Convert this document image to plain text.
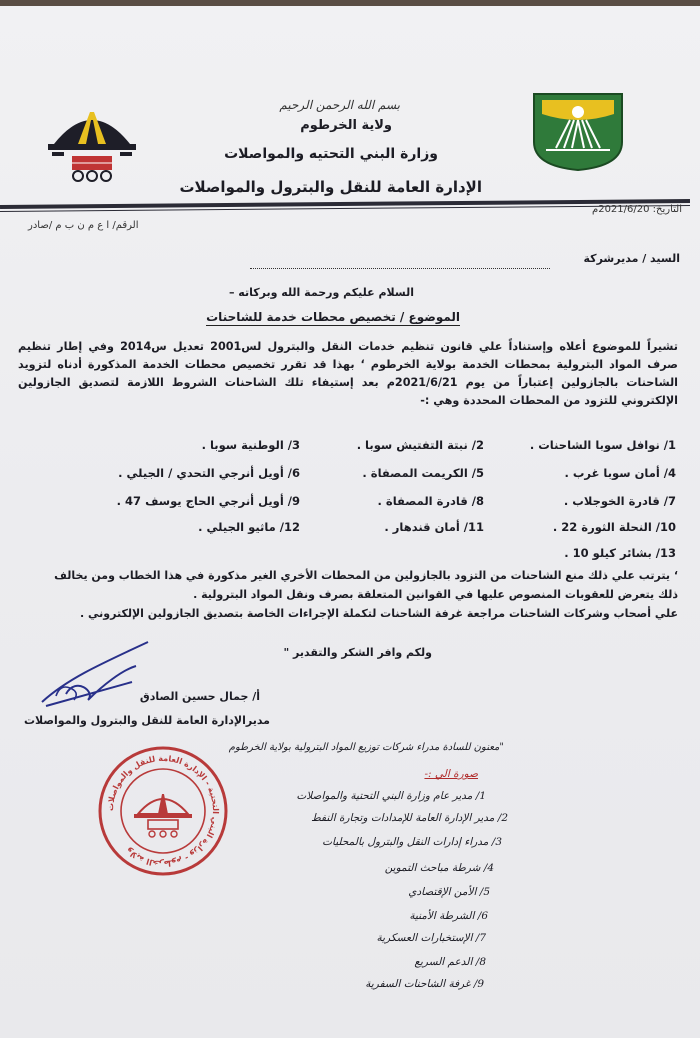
بسم الله الرحمن الرحيم
ولاية الخرطوم
وزارة البني التحتيه والمواصلات
الإدارة العامة للنقل والبترول والمواصلات
التاريخ: 2021/6/20م
الرقم/ ا ع م ن ب م /صادر
السيد / مديرشركة
السلام عليكم ورحمة الله وبركاته –
الموضوع / تخصيص محطات خدمة للشاحنات
تشيراً للموضوع أعلاه وإستناداً علي قانون تنظيم خدمات النقل والبترول لس2001 تعديل س2014 وفي إطار تنظيم صرف المواد البترولية بمحطات الخدمة بولاية الخرطوم ‘ بهذا قد تقرر تخصيص محطات الخدمة المذكورة أدناه لتزويد الشاحنات بالجازولين إعتباراً من يوم 2021/6/21م بعد إستيفاء تلك الشاحنات الشروط اللازمة لتصديق الجازولين الإلكتروني للتزود من المحطات المحددة وهي :-
1/ نوافل سوبا الشاحنات .
2/ نبتة التفتيش سوبا .
3/ الوطنية سوبا .
4/ أمان سوبا غرب .
5/ الكريمت المصفاة .
6/ أويل أنرجي التحدي / الجيلي .
7/ قادرة الخوجلاب .
8/ قادرة المصفاة .
9/ أويل أنرجي الحاج يوسف 47 .
10/ النحلة الثورة 22 .
11/ أمان قندهار .
12/ ماثيو الجيلي .
13/ بشائر كيلو 10 .
‘ يترتب علي ذلك منع الشاحنات من التزود بالجازولين من المحطات الأخري الغير مذكورة في هذا الخطاب ومن يخالف
ذلك يتعرض للعقوبات المنصوص عليها في القوانين المتعلقة بصرف ونقل المواد البترولية .
علي أصحاب وشركات الشاحنات مراجعة غرفة الشاحنات لتكملة الإجراءات الخاصة بتصديق الجازولين الإلكتروني .
ولكم وافر الشكر والتقدير "
أ/ جمال حسين الصادق
مديرالإدارة العامة للنقل والبترول والمواصلات
"معنون للسادة مدراء شركات توزيع المواد البترولية بولاية الخرطوم
صورة الي :-
1/ مدير عام وزارة البني التحتية والمواصلات
2/ مدير الإدارة العامة للإمدادات وتجارة النفط
3/ مدراء إدارات النقل والبترول بالمحليات
4/ شرطة مباحث التموين
5/ الأمن الإقتصادي
6/ الشرطة الأمنية
7/ الإستخبارات العسكرية
8/ الدعم السريع
9/ غرفة الشاحنات السفرية
ولاية الخرطوم - وزارة البني التحتية - الإدارة العامة للنقل والمواصلات
